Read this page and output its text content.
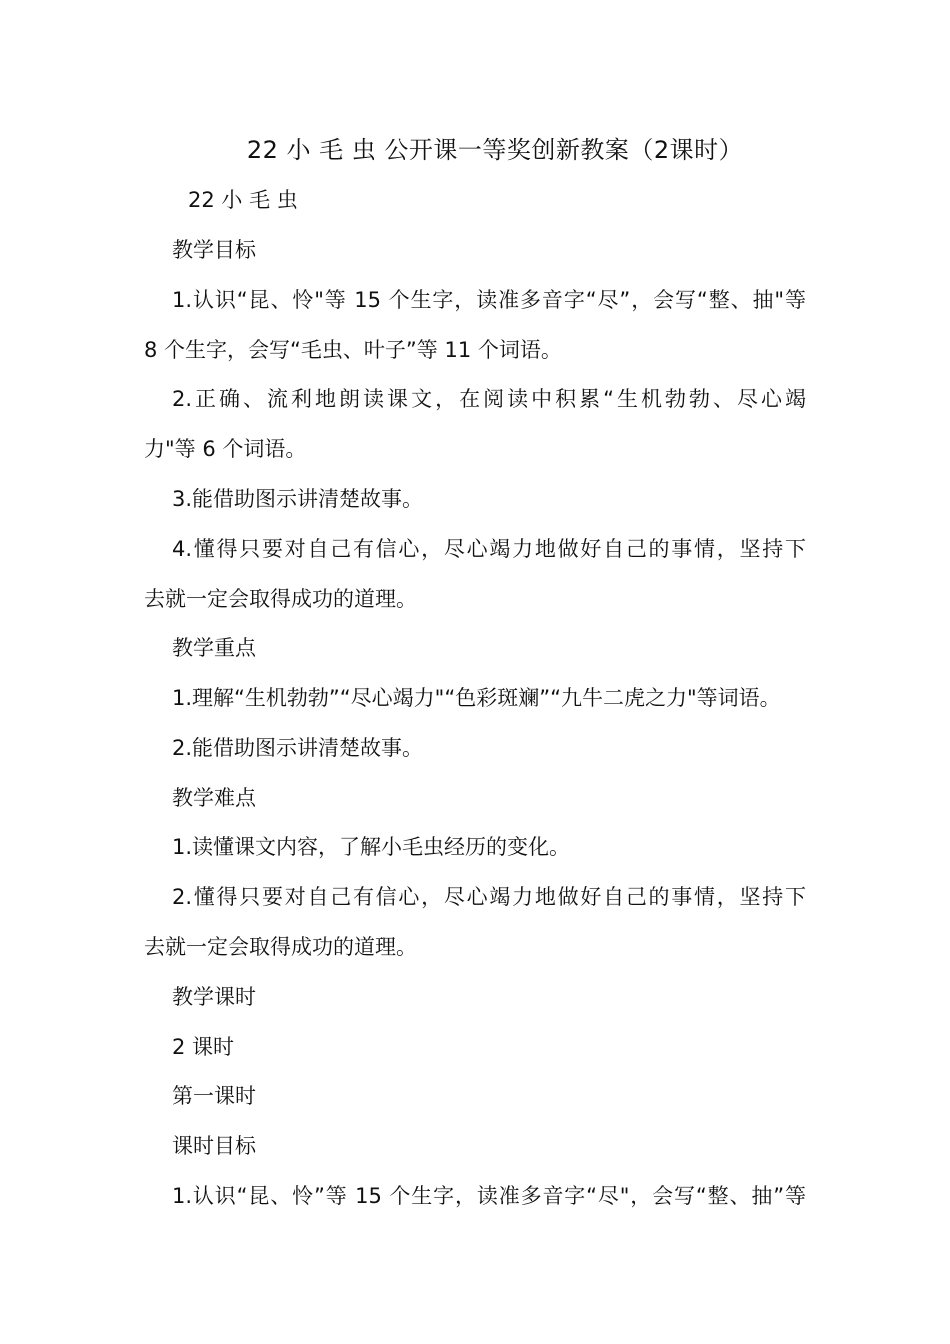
22 小 毛 虫 公开课一等奖创新教案（2课时）
22 小 毛 虫
教学目标
1.认识“昆、怜"等 15 个生字，读准多音字“尽”，会写“整、抽"等
8 个生字，会写“毛虫、叶子”等 11 个词语。
2.正确、流利地朗读课文，在阅读中积累“生机勃勃、尽心竭
力"等 6 个词语。
3.能借助图示讲清楚故事。
4.懂得只要对自己有信心，尽心竭力地做好自己的事情，坚持下
去就一定会取得成功的道理。
教学重点
1.理解“生机勃勃”“尽心竭力"“色彩斑斓”“九牛二虎之力"等词语。
2.能借助图示讲清楚故事。
教学难点
1.读懂课文内容，了解小毛虫经历的变化。
2.懂得只要对自己有信心，尽心竭力地做好自己的事情，坚持下
去就一定会取得成功的道理。
教学课时
2 课时
第一课时
课时目标
1.认识“昆、怜”等 15 个生字，读准多音字“尽"，会写“整、抽”等
